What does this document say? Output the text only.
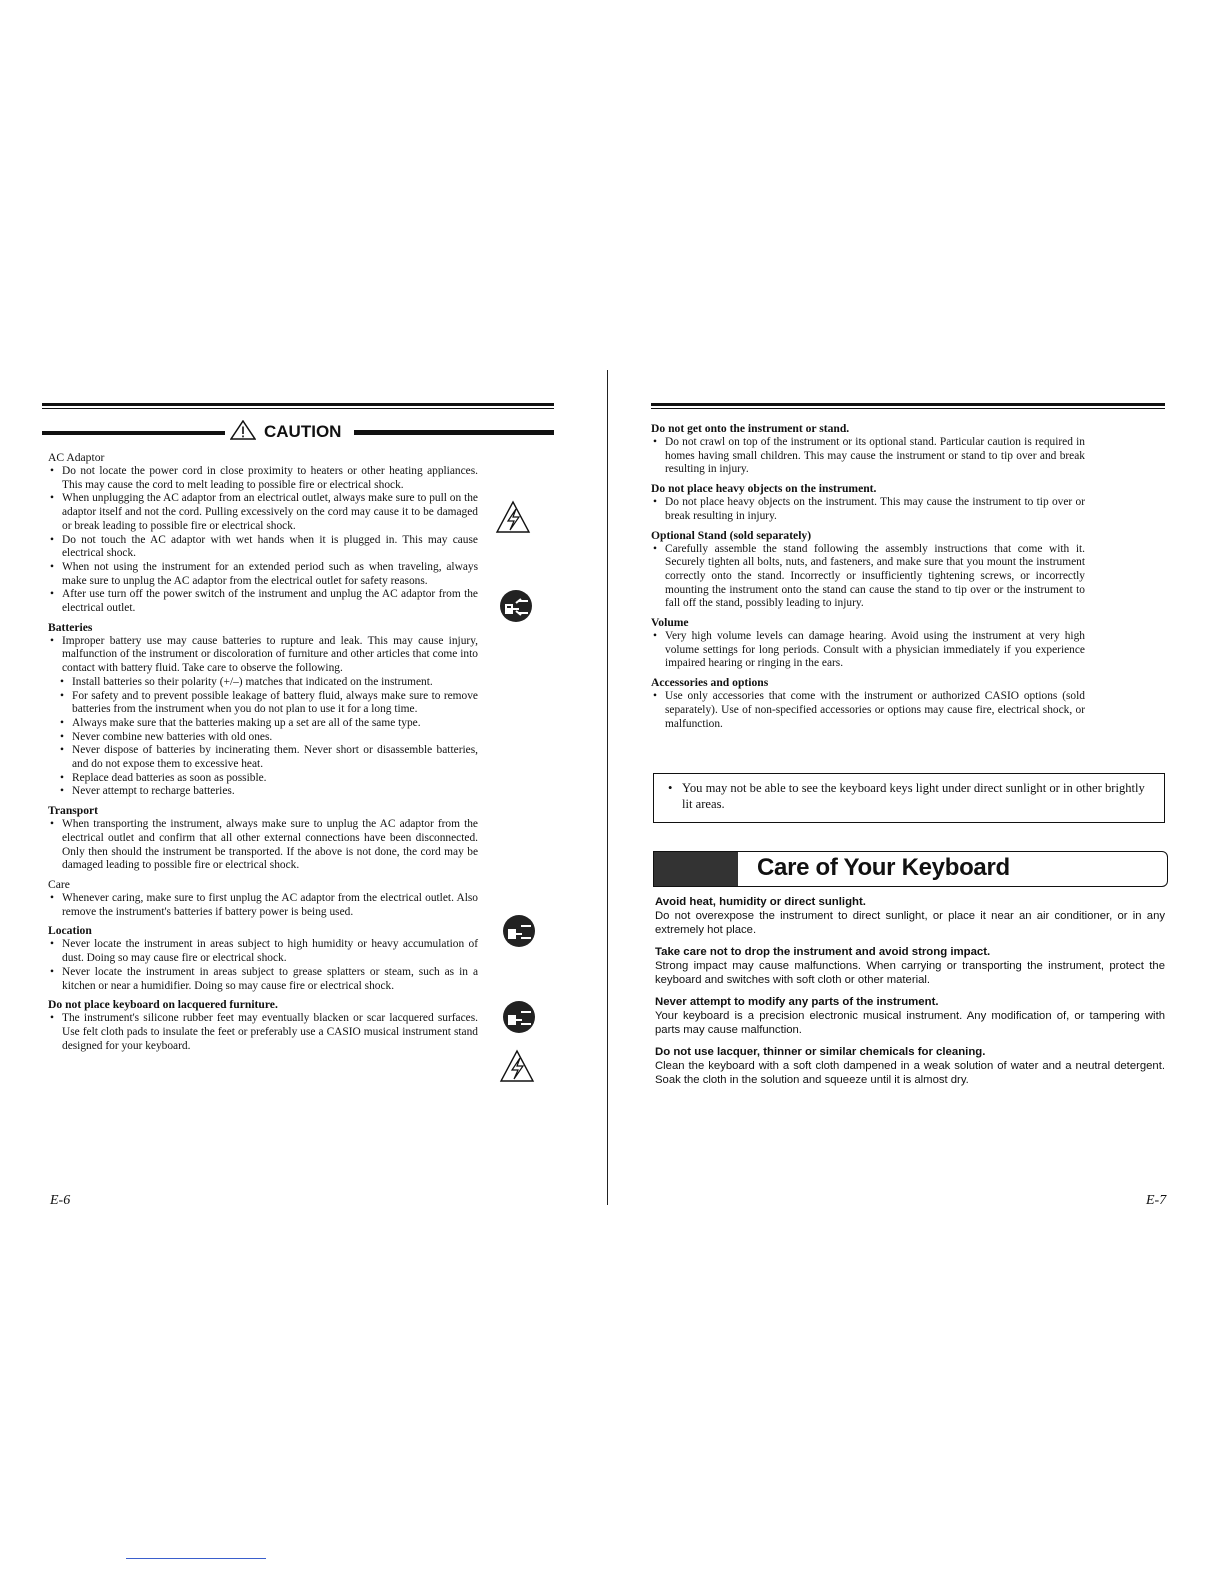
CAUTION
AC Adaptor
• Do not locate the power cord in close proximity to heaters or other heating appliances. This may cause the cord to melt leading to possible fire or electrical shock.
• When unplugging the AC adaptor from an electrical outlet, always make sure to pull on the adaptor itself and not the cord. Pulling excessively on the cord may cause it to be damaged or break leading to possible fire or electrical shock.
• Do not touch the AC adaptor with wet hands when it is plugged in. This may cause electrical shock.
• When not using the instrument for an extended period such as when traveling, always make sure to unplug the AC adaptor from the electrical outlet for safety reasons.
• After use turn off the power switch of the instrument and unplug the AC adaptor from the electrical outlet.
Batteries
• Improper battery use may cause batteries to rupture and leak. This may cause injury, malfunction of the instrument or discoloration of furniture and other articles that come into contact with battery fluid. Take care to observe the following.
• Install batteries so their polarity (+/–) matches that indicated on the instrument.
• For safety and to prevent possible leakage of battery fluid, always make sure to remove batteries from the instrument when you do not plan to use it for a long time.
• Always make sure that the batteries making up a set are all of the same type.
• Never combine new batteries with old ones.
• Never dispose of batteries by incinerating them. Never short or disassemble batteries, and do not expose them to excessive heat.
• Replace dead batteries as soon as possible.
• Never attempt to recharge batteries.
Transport
• When transporting the instrument, always make sure to unplug the AC adaptor from the electrical outlet and confirm that all other external connections have been disconnected. Only then should the instrument be transported. If the above is not done, the cord may be damaged leading to possible fire or electrical shock.
Care
• Whenever caring, make sure to first unplug the AC adaptor from the electrical outlet. Also remove the instrument's batteries if battery power is being used.
Location
• Never locate the instrument in areas subject to high humidity or heavy accumulation of dust. Doing so may cause fire or electrical shock.
• Never locate the instrument in areas subject to grease splatters or steam, such as in a kitchen or near a humidifier. Doing so may cause fire or electrical shock.
Do not place keyboard on lacquered furniture.
• The instrument's silicone rubber feet may eventually blacken or scar lacquered surfaces. Use felt cloth pads to insulate the feet or preferably use a CASIO musical instrument stand designed for your keyboard.
E-6
Do not get onto the instrument or stand.
• Do not crawl on top of the instrument or its optional stand. Particular caution is required in homes having small children. This may cause the instrument or stand to tip over and break resulting in injury.
Do not place heavy objects on the instrument.
• Do not place heavy objects on the instrument. This may cause the instrument to tip over or break resulting in injury.
Optional Stand (sold separately)
• Carefully assemble the stand following the assembly instructions that come with it. Securely tighten all bolts, nuts, and fasteners, and make sure that you mount the instrument correctly onto the stand. Incorrectly or insufficiently tightening screws, or incorrectly mounting the instrument onto the stand can cause the stand to tip over or the instrument to fall off the stand, possibly leading to injury.
Volume
• Very high volume levels can damage hearing. Avoid using the instrument at very high volume settings for long periods. Consult with a physician immediately if you experience impaired hearing or ringing in the ears.
Accessories and options
• Use only accessories that come with the instrument or authorized CASIO options (sold separately). Use of non-specified accessories or options may cause fire, electrical shock, or malfunction.
• You may not be able to see the keyboard keys light under direct sunlight or in other brightly lit areas.
Care of Your Keyboard
Avoid heat, humidity or direct sunlight.

Do not overexpose the instrument to direct sunlight, or place it near an air conditioner, or in any extremely hot place.

Take care not to drop the instrument and avoid strong impact.

Strong impact may cause malfunctions. When carrying or transporting the instrument, protect the keyboard and switches with soft cloth or other material.

Never attempt to modify any parts of the instrument.

Your keyboard is a precision electronic musical instrument. Any modification of, or tampering with parts may cause malfunction.

Do not use lacquer, thinner or similar chemicals for cleaning.

Clean the keyboard with a soft cloth dampened in a weak solution of water and a neutral detergent. Soak the cloth in the solution and squeeze until it is almost dry.

E-7
